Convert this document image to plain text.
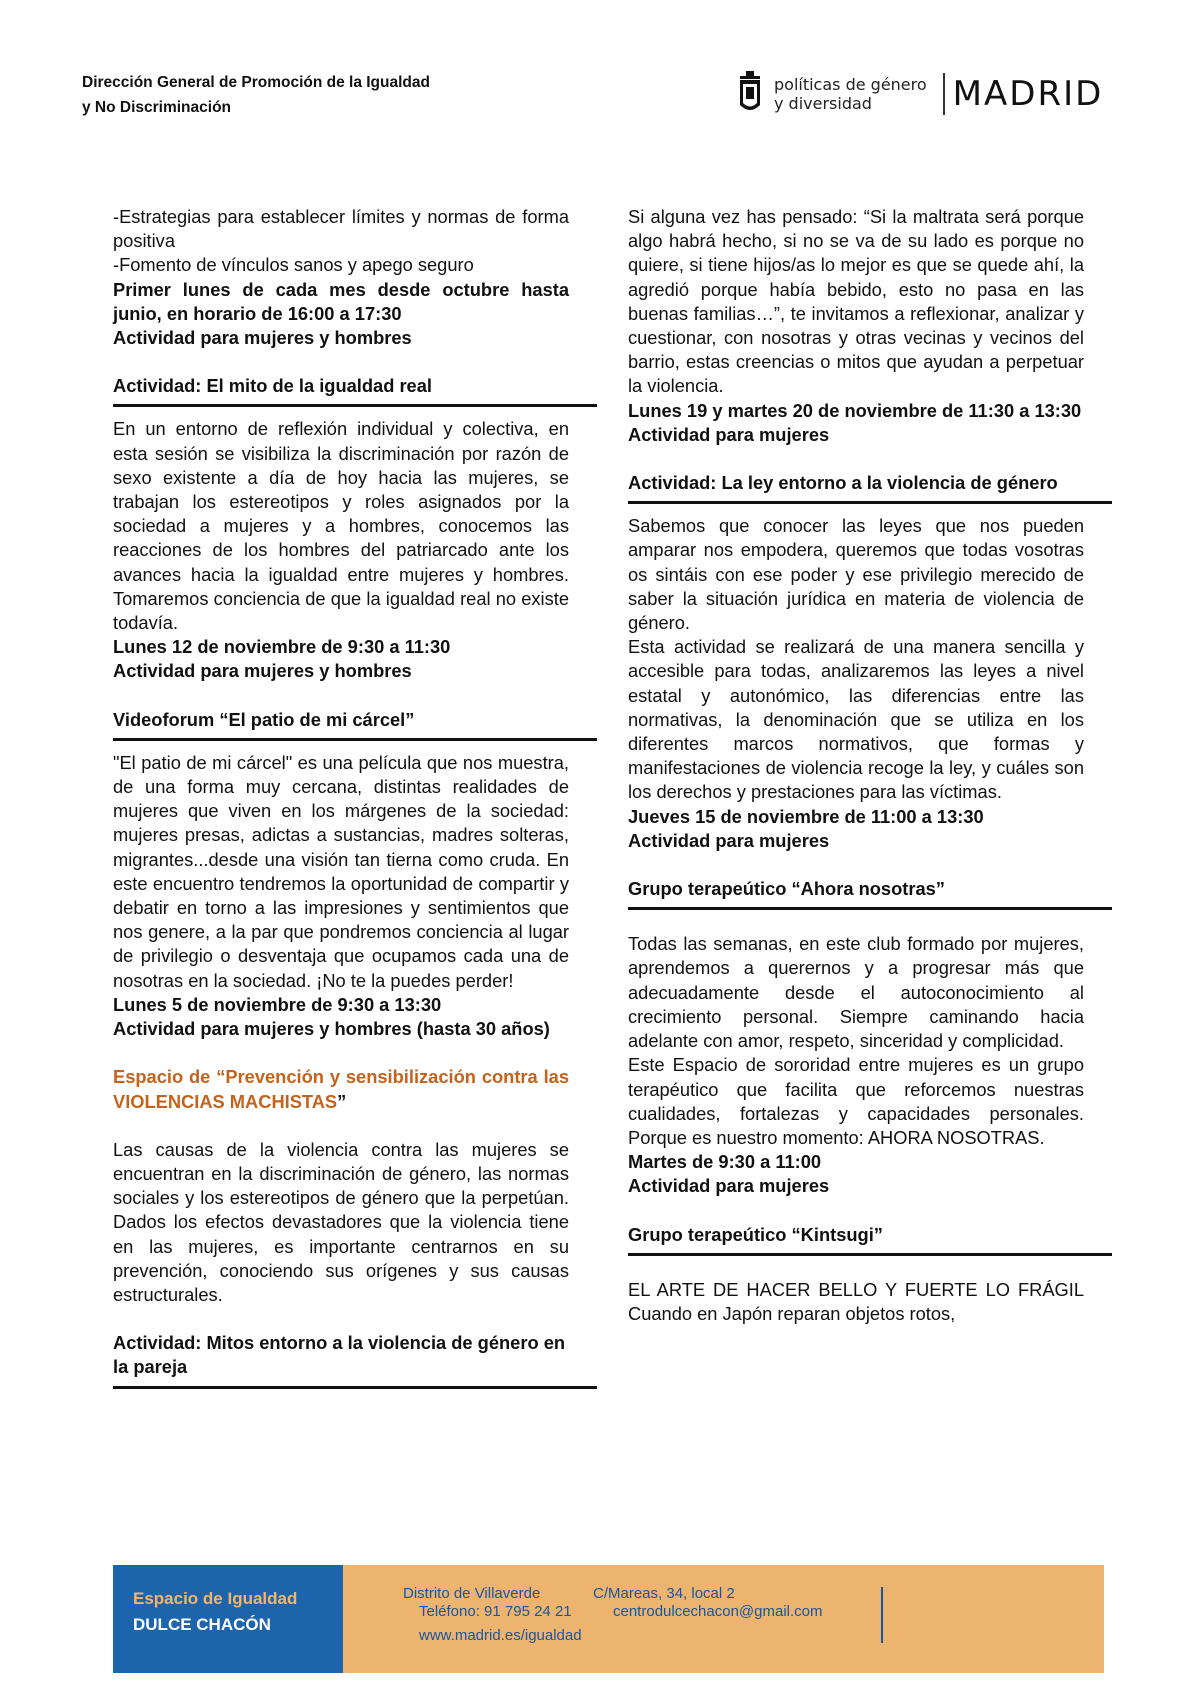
Dirección General de Promoción de la Igualdad
y No Discriminación
políticas de género
y diversidad	MADRID

-Estrategias para establecer límites y normas de forma positiva

-Fomento de vínculos sanos y apego seguro

Primer lunes de cada mes desde octubre hasta junio, en horario de 16:00 a 17:30

Actividad para mujeres y hombres

Actividad: El mito de la igualdad real

En un entorno de reflexión individual y colectiva, en esta sesión se visibiliza la discriminación por razón de sexo existente a día de hoy hacia las mujeres, se trabajan los estereotipos y roles asignados por la sociedad a mujeres y a hombres, conocemos las reacciones de los hombres del patriarcado ante los avances hacia la igualdad entre mujeres y hombres. Tomaremos conciencia de que la igualdad real no existe todavía.

Lunes 12 de noviembre de 9:30 a 11:30

Actividad para mujeres y hombres

Videoforum “El patio de mi cárcel”

"El patio de mi cárcel" es una película que nos muestra, de una forma muy cercana, distintas realidades de mujeres que viven en los márgenes de la sociedad: mujeres presas, adictas a sustancias, madres solteras, migrantes...desde una visión tan tierna como cruda. En este encuentro tendremos la oportunidad de compartir y debatir en torno a las impresiones y sentimientos que nos genere, a la par que pondremos conciencia al lugar de privilegio o desventaja que ocupamos cada una de nosotras en la sociedad. ¡No te la puedes perder!

Lunes 5 de noviembre de 9:30 a 13:30

Actividad para mujeres y hombres (hasta 30 años)

Espacio de “Prevención y sensibilización contra las VIOLENCIAS MACHISTAS”

Las causas de la violencia contra las mujeres se encuentran en la discriminación de género, las normas sociales y los estereotipos de género que la perpetúan. Dados los efectos devastadores que la violencia tiene en las mujeres, es importante centrarnos en su prevención, conociendo sus orígenes y sus causas estructurales.

Actividad: Mitos entorno a la violencia de género en la pareja

Si alguna vez has pensado: “Si la maltrata será porque algo habrá hecho, si no se va de su lado es porque no quiere, si tiene hijos/as lo mejor es que se quede ahí, la agredió porque había bebido, esto no pasa en las buenas familias…”, te invitamos a reflexionar, analizar y cuestionar, con nosotras y otras vecinas y vecinos del barrio, estas creencias o mitos que ayudan a perpetuar la violencia.

Lunes 19 y martes 20 de noviembre de 11:30 a 13:30

Actividad para mujeres

Actividad: La ley entorno a la violencia de género

Sabemos que conocer las leyes que nos pueden amparar nos empodera, queremos que todas vosotras os sintáis con ese poder y ese privilegio merecido de saber la situación jurídica en materia de violencia de género.

Esta actividad se realizará de una manera sencilla y accesible para todas, analizaremos las leyes a nivel estatal y autonómico, las diferencias entre las normativas, la denominación que se utiliza en los diferentes marcos normativos, que formas y manifestaciones de violencia recoge la ley, y cuáles son los derechos y prestaciones para las víctimas.

Jueves 15 de noviembre de 11:00 a 13:30

Actividad para mujeres

Grupo terapeútico “Ahora nosotras”

Todas las semanas, en este club formado por mujeres, aprendemos a querernos y a progresar más que adecuadamente desde el autoconocimiento al crecimiento personal. Siempre caminando hacia adelante con amor, respeto, sinceridad y complicidad.

Este Espacio de sororidad entre mujeres es un grupo terapéutico que facilita que reforcemos nuestras cualidades, fortalezas y capacidades personales. Porque es nuestro momento: AHORA NOSOTRAS.

Martes de 9:30 a 11:00

Actividad para mujeres

Grupo terapeútico “Kintsugi”

EL ARTE DE HACER BELLO Y FUERTE LO FRÁGIL Cuando en Japón reparan objetos rotos,

Espacio de Igualdad
DULCE CHACÓN
Distrito de Villaverde	C/Mareas, 34, local 2
Teléfono: 91 795 24 21	centrodulcechacon@gmail.com
www.madrid.es/igualdad
